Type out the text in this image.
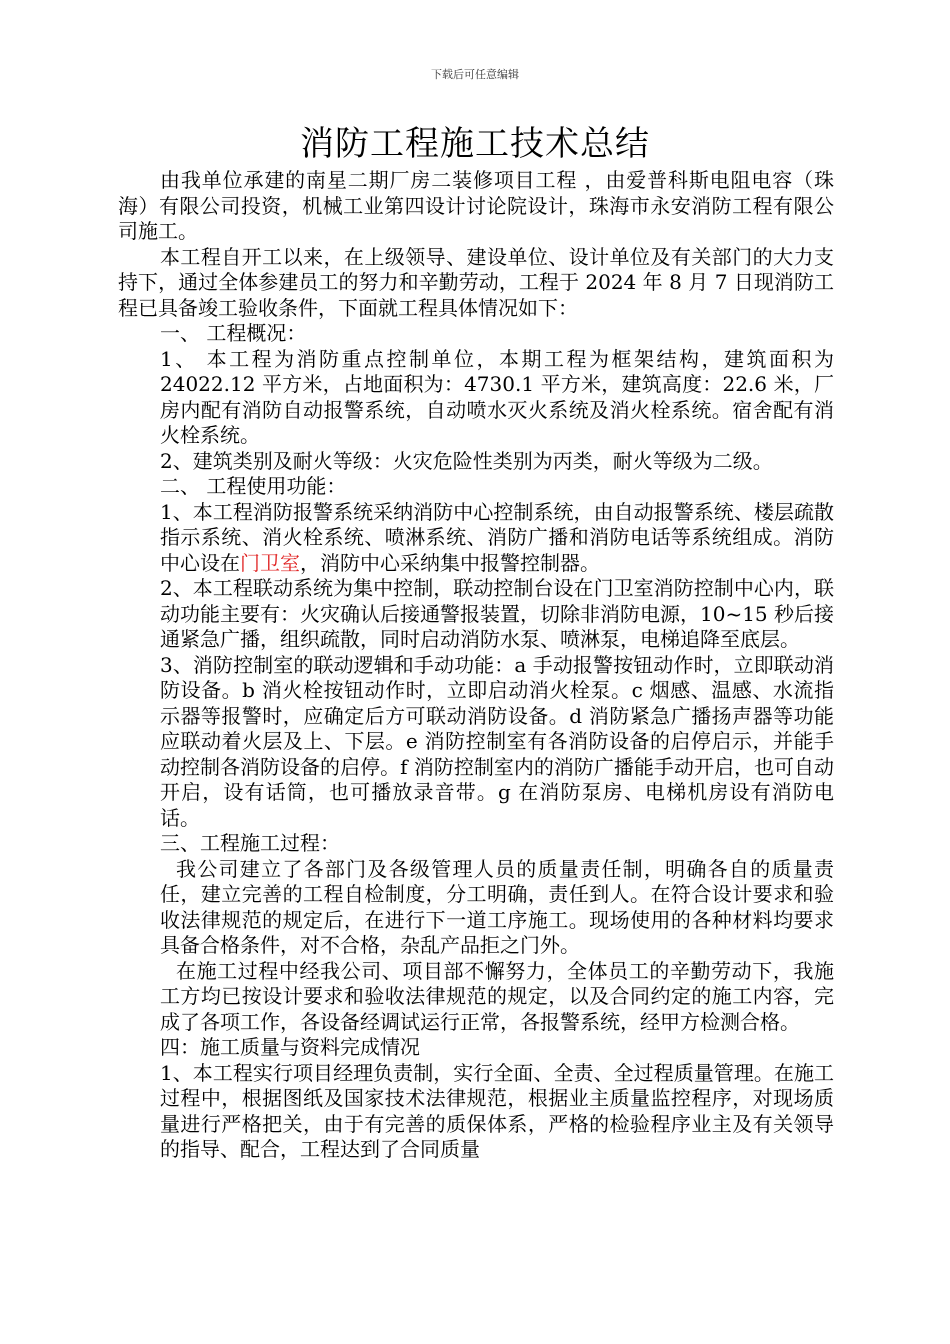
下载后可任意编辑
消防工程施工技术总结

由我单位承建的南星二期厂房二装修项目工程 ，由爱普科斯电阻电容（珠海）有限公司投资，机械工业第四设计讨论院设计，珠海市永安消防工程有限公司施工。

本工程自开工以来，在上级领导、建设单位、设计单位及有关部门的大力支持下，通过全体参建员工的努力和辛勤劳动，工程于 2024 年 8 月 7 日现消防工程已具备竣工验收条件，下面就工程具体情况如下：

一、 工程概况：

1、 本工程为消防重点控制单位，本期工程为框架结构，建筑面积为 24022.12 平方米，占地面积为：4730.1 平方米，建筑高度：22.6 米，厂房内配有消防自动报警系统，自动喷水灭火系统及消火栓系统。宿舍配有消火栓系统。

2、建筑类别及耐火等级：火灾危险性类别为丙类，耐火等级为二级。

二、 工程使用功能：

1、本工程消防报警系统采纳消防中心控制系统，由自动报警系统、楼层疏散指示系统、消火栓系统、喷淋系统、消防广播和消防电话等系统组成。消防中心设在门卫室，消防中心采纳集中报警控制器。

2、本工程联动系统为集中控制，联动控制台设在门卫室消防控制中心内，联动功能主要有：火灾确认后接通警报装置，切除非消防电源，10~15 秒后接通紧急广播，组织疏散，同时启动消防水泵、喷淋泵，电梯追降至底层。

3、消防控制室的联动逻辑和手动功能：a 手动报警按钮动作时，立即联动消防设备。b 消火栓按钮动作时，立即启动消火栓泵。c 烟感、温感、水流指示器等报警时，应确定后方可联动消防设备。d 消防紧急广播扬声器等功能应联动着火层及上、下层。e 消防控制室有各消防设备的启停启示，并能手动控制各消防设备的启停。f 消防控制室内的消防广播能手动开启，也可自动开启，设有话筒，也可播放录音带。g 在消防泵房、电梯机房设有消防电话。

三、工程施工过程：

我公司建立了各部门及各级管理人员的质量责任制，明确各自的质量责任，建立完善的工程自检制度，分工明确，责任到人。在符合设计要求和验收法律规范的规定后，在进行下一道工序施工。现场使用的各种材料均要求具备合格条件，对不合格，杂乱产品拒之门外。

在施工过程中经我公司、项目部不懈努力，全体员工的辛勤劳动下，我施工方均已按设计要求和验收法律规范的规定，以及合同约定的施工内容，完成了各项工作，各设备经调试运行正常，各报警系统，经甲方检测合格。

四：施工质量与资料完成情况

1、本工程实行项目经理负责制，实行全面、全责、全过程质量管理。在施工过程中，根据图纸及国家技术法律规范，根据业主质量监控程序，对现场质量进行严格把关，由于有完善的质保体系，严格的检验程序业主及有关领导的指导、配合，工程达到了合同质量
